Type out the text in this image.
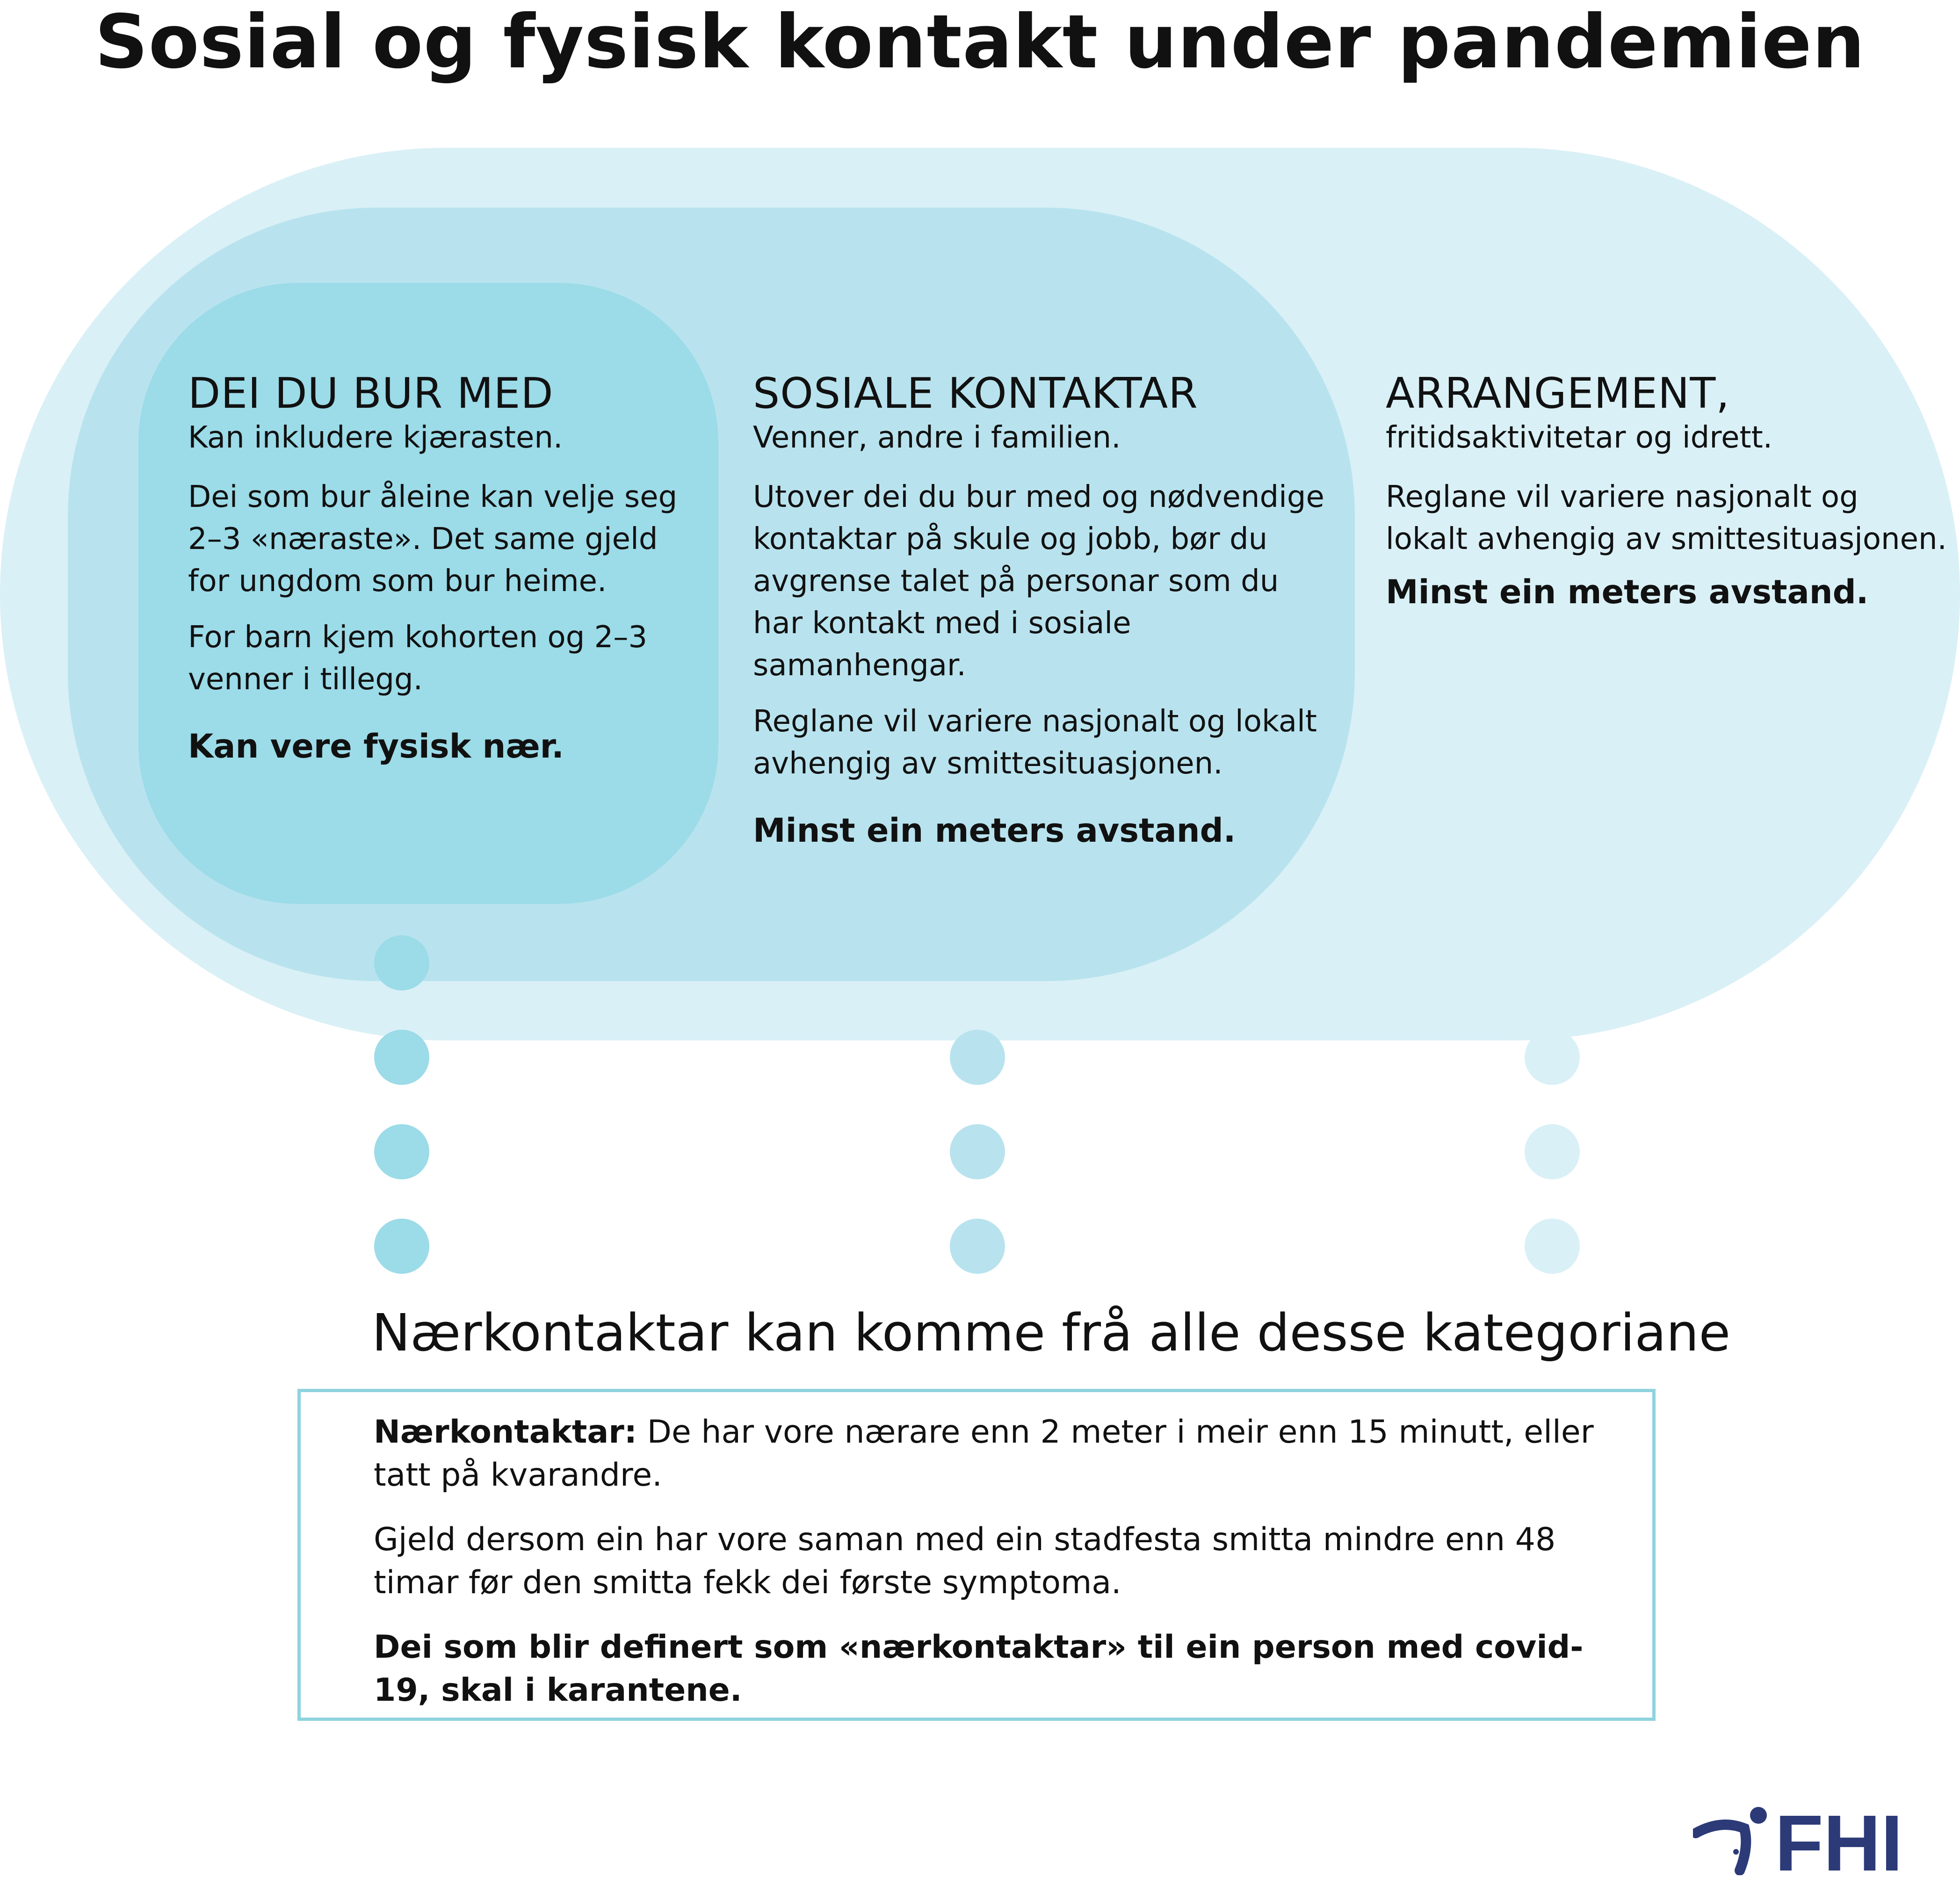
Sosial og fysisk kontakt under pandemien
DEI DU BUR MED

Kan inkludere kjærasten.

Dei som bur åleine kan velje seg 2–3 «næraste». Det same gjeld for ungdom som bur heime.

For barn kjem kohorten og 2–3 venner i tillegg.

Kan vere fysisk nær.

SOSIALE KONTAKTAR

Venner, andre i familien.

Utover dei du bur med og nødvendige kontaktar på skule og jobb, bør du avgrense talet på personar som du har kontakt med i sosiale samanhengar.

Reglane vil variere nasjonalt og lokalt avhengig av smittesituasjonen.

Minst ein meters avstand.

ARRANGEMENT,

fritidsaktivitetar og idrett.

Reglane vil variere nasjonalt og lokalt avhengig av smittesituasjonen.

Minst ein meters avstand.

Nærkontaktar kan komme frå alle desse kategoriane

Nærkontaktar: De har vore nærare enn 2 meter i meir enn 15 minutt, eller tatt på kvarandre.

Gjeld dersom ein har vore saman med ein stadfesta smitta mindre enn 48 timar før den smitta fekk dei første symptoma.

Dei som blir definert som «nærkontaktar» til ein person med covid-19, skal i karantene.

FHI
